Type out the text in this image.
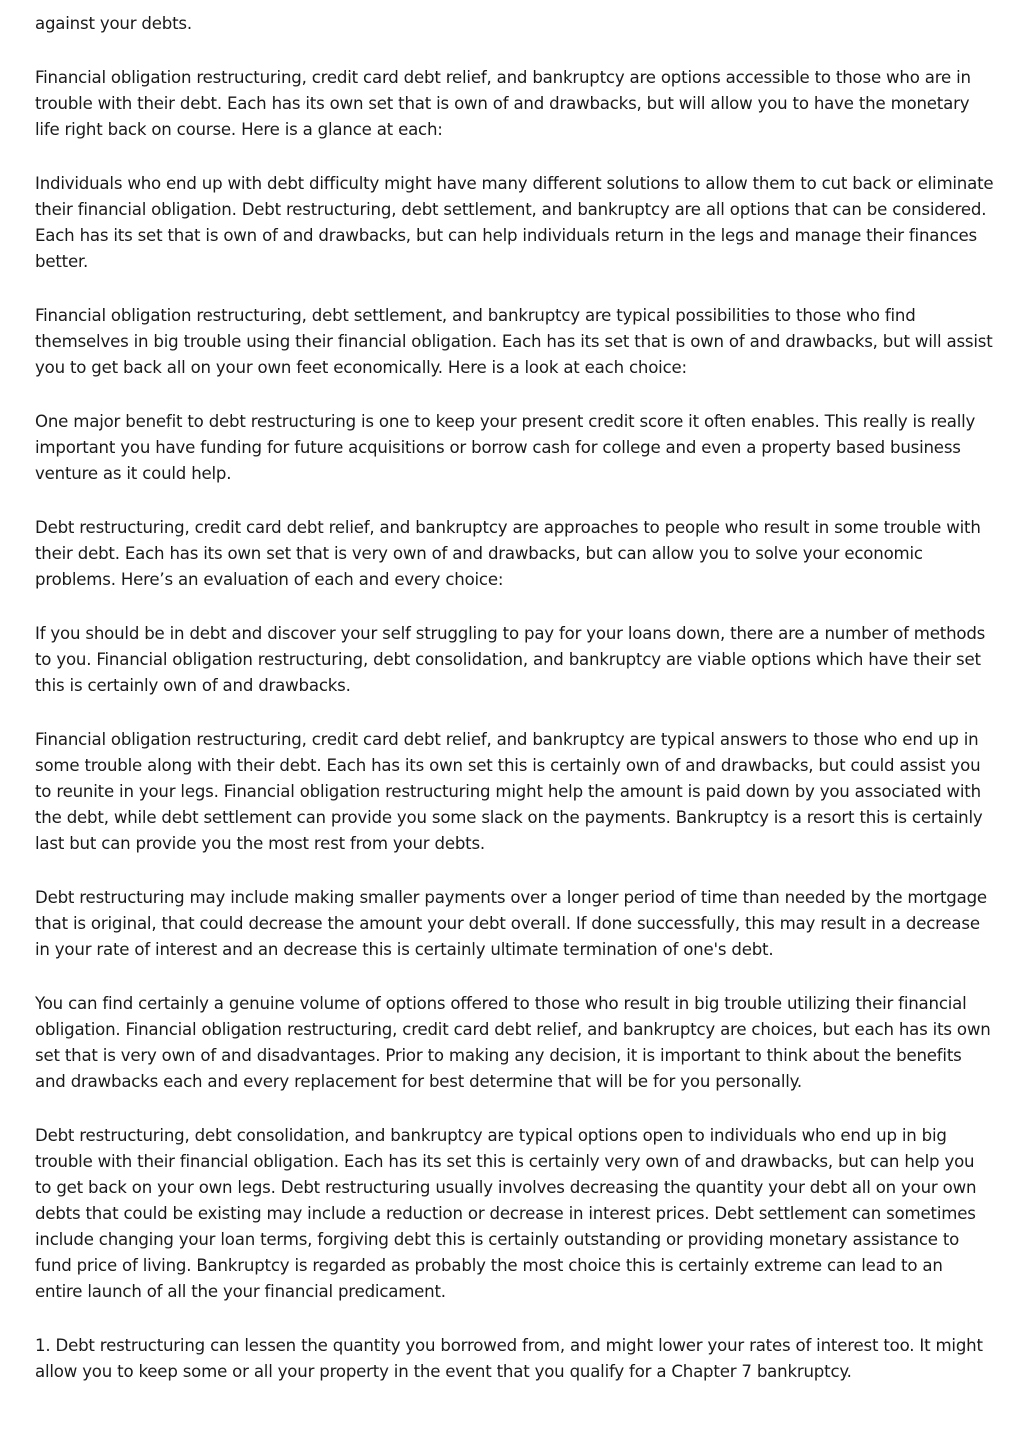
against your debts.

Financial obligation restructuring, credit card debt relief, and bankruptcy are options accessible to those who are in trouble with their debt. Each has its own set that is own of and drawbacks, but will allow you to have the monetary life right back on course. Here is a glance at each:

Individuals who end up with debt difficulty might have many different solutions to allow them to cut back or eliminate their financial obligation. Debt restructuring, debt settlement, and bankruptcy are all options that can be considered. Each has its set that is own of and drawbacks, but can help individuals return in the legs and manage their finances better.

Financial obligation restructuring, debt settlement, and bankruptcy are typical possibilities to those who find themselves in big trouble using their financial obligation. Each has its set that is own of and drawbacks, but will assist you to get back all on your own feet economically. Here is a look at each choice:

One major benefit to debt restructuring is one to keep your present credit score it often enables. This really is really important you have funding for future acquisitions or borrow cash for college and even a property based business venture as it could help.

Debt restructuring, credit card debt relief, and bankruptcy are approaches to people who result in some trouble with their debt. Each has its own set that is very own of and drawbacks, but can allow you to solve your economic problems. Here’s an evaluation of each and every choice:

If you should be in debt and discover your self struggling to pay for your loans down, there are a number of methods to you. Financial obligation restructuring, debt consolidation, and bankruptcy are viable options which have their set this is certainly own of and drawbacks.

Financial obligation restructuring, credit card debt relief, and bankruptcy are typical answers to those who end up in some trouble along with their debt. Each has its own set this is certainly own of and drawbacks, but could assist you to reunite in your legs. Financial obligation restructuring might help the amount is paid down by you associated with the debt, while debt settlement can provide you some slack on the payments. Bankruptcy is a resort this is certainly last but can provide you the most rest from your debts.

Debt restructuring may include making smaller payments over a longer period of time than needed by the mortgage that is original, that could decrease the amount your debt overall. If done successfully, this may result in a decrease in your rate of interest and an decrease this is certainly ultimate termination of one's debt.

You can find certainly a genuine volume of options offered to those who result in big trouble utilizing their financial obligation. Financial obligation restructuring, credit card debt relief, and bankruptcy are choices, but each has its own set that is very own of and disadvantages. Prior to making any decision, it is important to think about the benefits and drawbacks each and every replacement for best determine that will be for you personally.

Debt restructuring, debt consolidation, and bankruptcy are typical options open to individuals who end up in big trouble with their financial obligation. Each has its set this is certainly very own of and drawbacks, but can help you to get back on your own legs. Debt restructuring usually involves decreasing the quantity your debt all on your own debts that could be existing may include a reduction or decrease in interest prices. Debt settlement can sometimes include changing your loan terms, forgiving debt this is certainly outstanding or providing monetary assistance to fund price of living. Bankruptcy is regarded as probably the most choice this is certainly extreme can lead to an entire launch of all the your financial predicament.

1. Debt restructuring can lessen the quantity you borrowed from, and might lower your rates of interest too. It might allow you to keep some or all your property in the event that you qualify for a Chapter 7 bankruptcy.
